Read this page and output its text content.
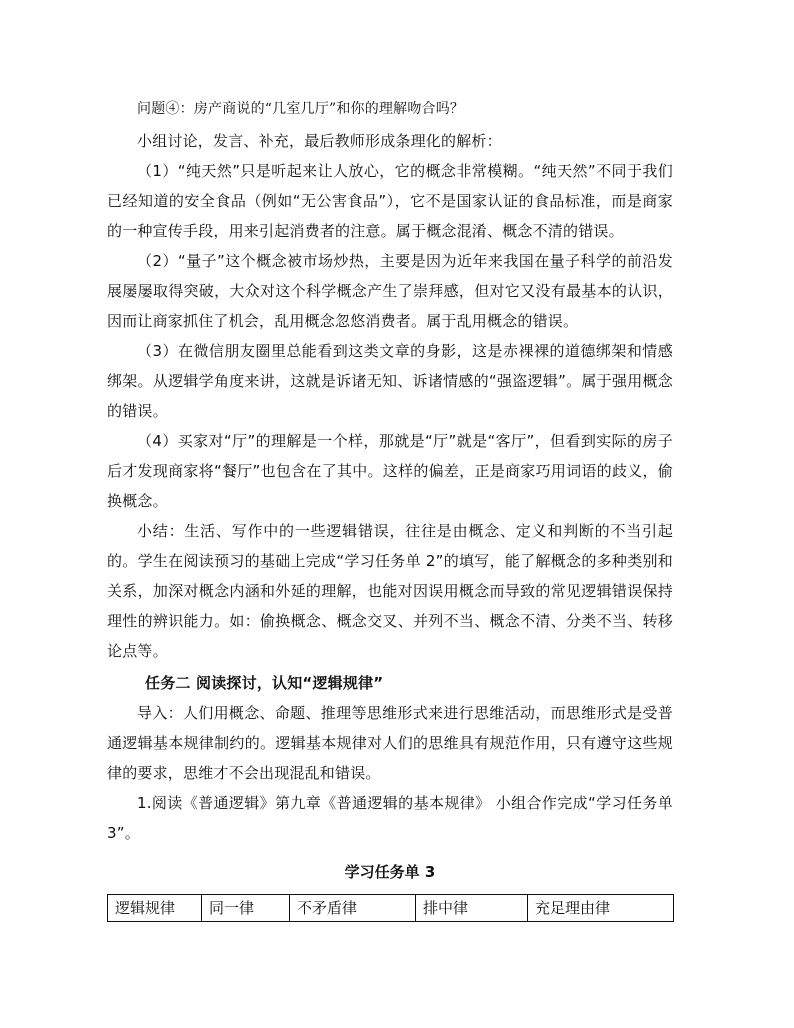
问题④：房产商说的“几室几厅”和你的理解吻合吗？

小组讨论，发言、补充，最后教师形成条理化的解析：

（1）“纯天然”只是听起来让人放心，它的概念非常模糊。“纯天然”不同于我们已经知道的安全食品（例如“无公害食品”），它不是国家认证的食品标准，而是商家的一种宣传手段，用来引起消费者的注意。属于概念混淆、概念不清的错误。

（2）“量子”这个概念被市场炒热，主要是因为近年来我国在量子科学的前沿发展屡屡取得突破，大众对这个科学概念产生了崇拜感，但对它又没有最基本的认识，因而让商家抓住了机会，乱用概念忽悠消费者。属于乱用概念的错误。

（3）在微信朋友圈里总能看到这类文章的身影，这是赤裸裸的道德绑架和情感绑架。从逻辑学角度来讲，这就是诉诸无知、诉诸情感的“强盗逻辑”。属于强用概念的错误。

（4）买家对“厅”的理解是一个样，那就是“厅”就是“客厅”，但看到实际的房子后才发现商家将“餐厅”也包含在了其中。这样的偏差，正是商家巧用词语的歧义，偷换概念。

小结：生活、写作中的一些逻辑错误，往往是由概念、定义和判断的不当引起的。学生在阅读预习的基础上完成“学习任务单 2”的填写，能了解概念的多种类别和关系，加深对概念内涵和外延的理解，也能对因误用概念而导致的常见逻辑错误保持理性的辨识能力。如：偷换概念、概念交叉、并列不当、概念不清、分类不当、转移论点等。

任务二 阅读探讨，认知“逻辑规律”

导入：人们用概念、命题、推理等思维形式来进行思维活动，而思维形式是受普通逻辑基本规律制约的。逻辑基本规律对人们的思维具有规范作用，只有遵守这些规律的要求，思维才不会出现混乱和错误。

1.阅读《普通逻辑》第九章《普通逻辑的基本规律》 小组合作完成“学习任务单 3”。

学习任务单 3
逻辑规律	同一律	不矛盾律	排中律	充足理由律
